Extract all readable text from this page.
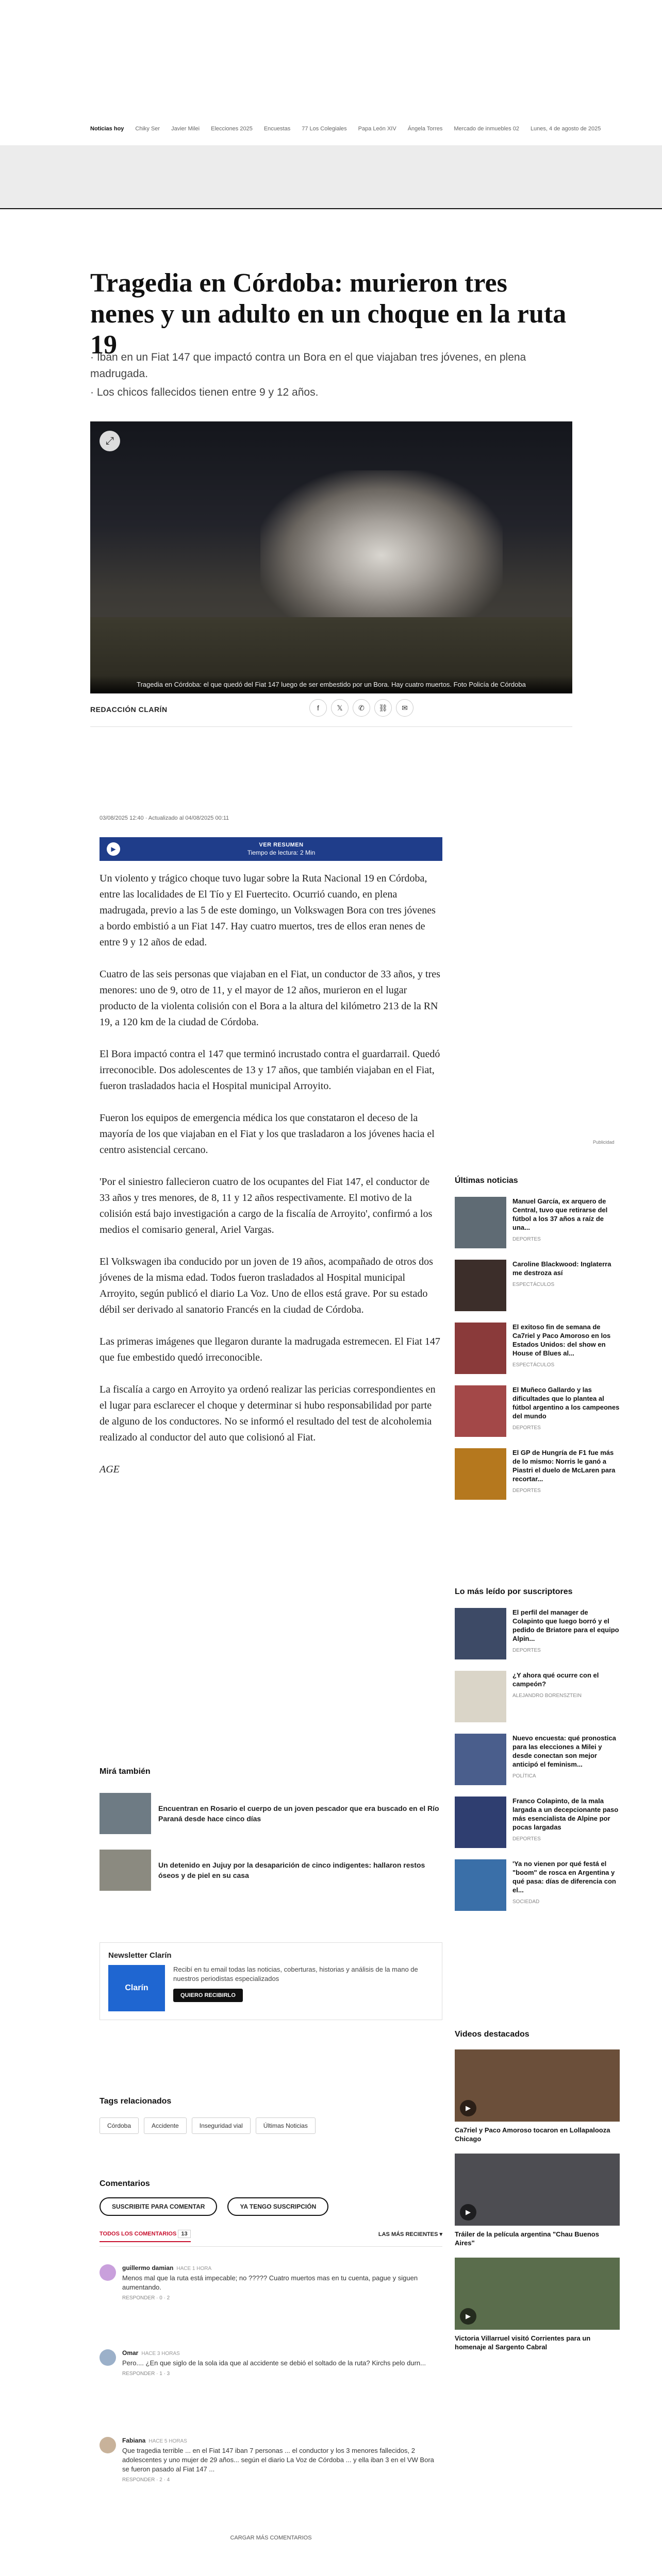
Noticias hoy Chiky Ser Javier Milei Elecciones 2025 Encuestas 77 Los Colegiales Papa León XIV Ángela Torres Mercado de inmuebles 02 Lunes, 4 de agosto de 2025
Tragedia en Córdoba: murieron tres nenes y un adulto en un choque en la ruta 19

· Iban en un Fiat 147 que impactó contra un Bora en el que viajaban tres jóvenes, en plena madrugada.

· Los chicos fallecidos tienen entre 9 y 12 años.

⤢
Tragedia en Córdoba: el que quedó del Fiat 147 luego de ser embestido por un Bora. Hay cuatro muertos. Foto Policía de Córdoba
REDACCIÓN CLARÍN	f	𝕏	✆	⛓	✉
03/08/2025 12:40 · Actualizado al 04/08/2025 00:11
▶
VER RESUMEN
Tiempo de lectura: 2 Min

Un violento y trágico choque tuvo lugar sobre la Ruta Nacional 19 en Córdoba, entre las localidades de El Tío y El Fuertecito. Ocurrió cuando, en plena madrugada, previo a las 5 de este domingo, un Volkswagen Bora con tres jóvenes a bordo embistió a un Fiat 147. Hay cuatro muertos, tres de ellos eran nenes de entre 9 y 12 años de edad.

Cuatro de las seis personas que viajaban en el Fiat, un conductor de 33 años, y tres menores: uno de 9, otro de 11, y el mayor de 12 años, murieron en el lugar producto de la violenta colisión con el Bora a la altura del kilómetro 213 de la RN 19, a 120 km de la ciudad de Córdoba.

El Bora impactó contra el 147 que terminó incrustado contra el guardarrail. Quedó irreconocible. Dos adolescentes de 13 y 17 años, que también viajaban en el Fiat, fueron trasladados hacia el Hospital municipal Arroyito.

Fueron los equipos de emergencia médica los que constataron el deceso de la mayoría de los que viajaban en el Fiat y los que trasladaron a los jóvenes hacia el centro asistencial cercano.

'Por el siniestro fallecieron cuatro de los ocupantes del Fiat 147, el conductor de 33 años y tres menores, de 8, 11 y 12 años respectivamente. El motivo de la colisión está bajo investigación a cargo de la fiscalía de Arroyito', confirmó a los medios el comisario general, Ariel Vargas.

El Volkswagen iba conducido por un joven de 19 años, acompañado de otros dos jóvenes de la misma edad. Todos fueron trasladados al Hospital municipal Arroyito, según publicó el diario La Voz. Uno de ellos está grave. Por su estado débil ser derivado al sanatorio Francés en la ciudad de Córdoba.

Las primeras imágenes que llegaron durante la madrugada estremecen. El Fiat 147 que fue embestido quedó irreconocible.

La fiscalía a cargo en Arroyito ya ordenó realizar las pericias correspondientes en el lugar para esclarecer el choque y determinar si hubo responsabilidad por parte de alguno de los conductores. No se informó el resultado del test de alcoholemia realizado al conductor del auto que colisionó al Fiat.

AGE

Publicidad
Últimas noticias
Manuel García, ex arquero de Central, tuvo que retirarse del fútbol a los 37 años a raíz de una...
DEPORTES
Caroline Blackwood: Inglaterra me destroza así
ESPECTÁCULOS
El exitoso fin de semana de Ca7riel y Paco Amoroso en los Estados Unidos: del show en House of Blues al...
ESPECTÁCULOS
El Muñeco Gallardo y las dificultades que lo plantea al fútbol argentino a los campeones del mundo
DEPORTES
El GP de Hungría de F1 fue más de lo mismo: Norris le ganó a Piastri el duelo de McLaren para recortar...
DEPORTES
Lo más leído por suscriptores
El perfil del manager de Colapinto que luego borró y el pedido de Briatore para el equipo Alpin...
DEPORTES
¿Y ahora qué ocurre con el campeón?
ALEJANDRO BORENSZTEIN
Nuevo encuesta: qué pronostica para las elecciones a Milei y desde conectan son mejor anticipó el feminism...
POLÍTICA
Franco Colapinto, de la mala largada a un decepcionante paso más esencialista de Alpine por pocas largadas
DEPORTES
'Ya no vienen por qué festá el "boom" de rosca en Argentina y qué pasa: días de diferencia con el...
SOCIEDAD
Videos destacados
▶
Ca7riel y Paco Amoroso tocaron en Lollapalooza Chicago
▶
Tráiler de la película argentina "Chau Buenos Aires"
▶
Victoria Villarruel visitó Corrientes para un homenaje al Sargento Cabral
Mirá también
Encuentran en Rosario el cuerpo de un joven pescador que era buscado en el Río Paraná desde hace cinco días
Un detenido en Jujuy por la desaparición de cinco indigentes: hallaron restos óseos y de piel en su casa
Newsletter Clarín
Clarín
Recibí en tu email todas las noticias, coberturas, historias y análisis de la mano de nuestros periodistas especializados
QUIERO RECIBIRLO
Tags relacionados
Córdoba	Accidente	Inseguridad vial	Últimas Noticias
Comentarios
SUSCRIBITE PARA COMENTAR	YA TENGO SUSCRIPCIÓN
TODOS LOS COMENTARIOS 13	LAS MÁS RECIENTES ▾
guillermo damian HACE 1 HORA
Menos mal que la ruta está impecable; no ????? Cuatro muertos mas en tu cuenta, pague y siguen aumentando.
RESPONDER · 0 · 2
Omar HACE 3 HORAS
Pero.... ¿En que siglo de la sola ida que al accidente se debió el soltado de la ruta? Kirchs pelo durn...
RESPONDER · 1 · 3
Fabiana HACE 5 HORAS
Que tragedia terrible ... en el Fiat 147 iban 7 personas ... el conductor y los 3 menores fallecidos, 2 adolescentes y uno mujer de 29 años... según el diario La Voz de Córdoba ... y ella iban 3 en el VW Bora se fueron pasado al Fiat 147 ...
RESPONDER · 2 · 4
CARGAR MÁS COMENTARIOS
